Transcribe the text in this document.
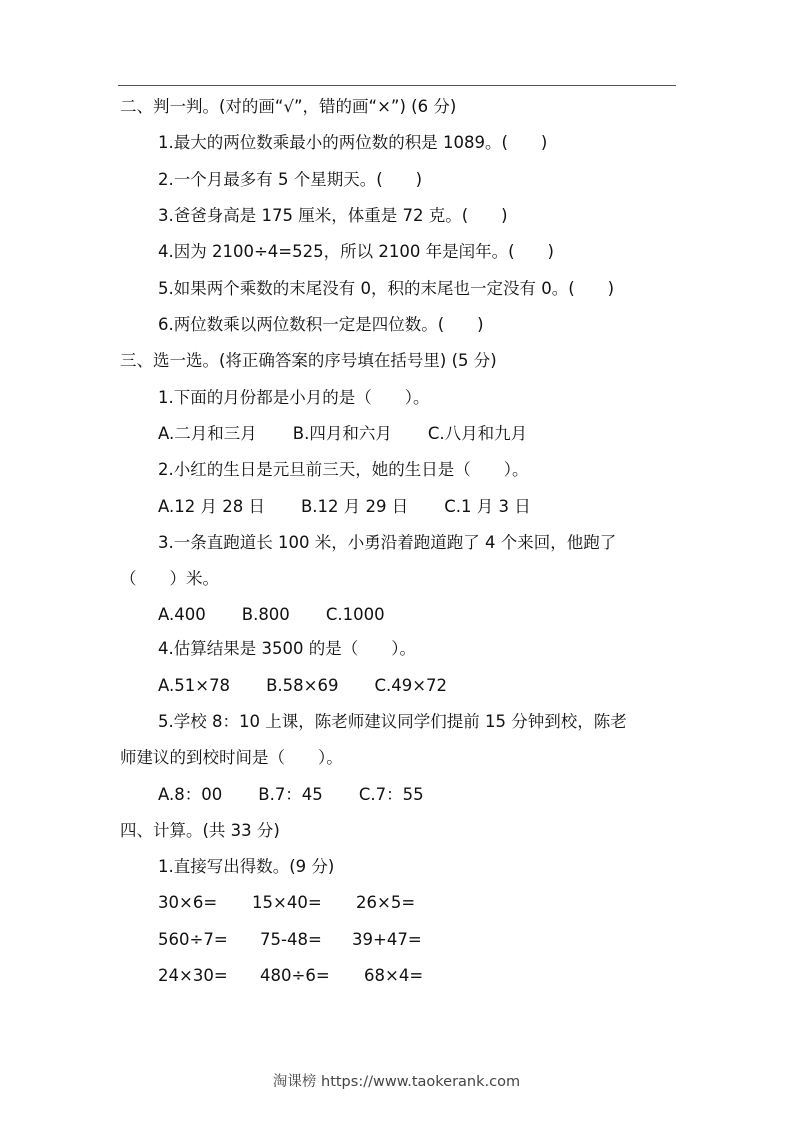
二、判一判。(对的画“√”，错的画“×”) (6 分)
1.最大的两位数乘最小的两位数的积是 1089。(　　)
2.一个月最多有 5 个星期天。(　　)
3.爸爸身高是 175 厘米，体重是 72 克。(　　)
4.因为 2100÷4=525，所以 2100 年是闰年。(　　)
5.如果两个乘数的末尾没有 0，积的末尾也一定没有 0。(　　)
6.两位数乘以两位数积一定是四位数。(　　)
三、选一选。(将正确答案的序号填在括号里) (5 分)
1.下面的月份都是小月的是（　　）。
A.二月和三月 B.四月和六月 C.八月和九月
2.小红的生日是元旦前三天，她的生日是（　　）。
A.12 月 28 日 B.12 月 29 日 C.1 月 3 日
3.一条直跑道长 100 米，小勇沿着跑道跑了 4 个来回，他跑了
（　　）米。
A.400 B.800 C.1000
4.估算结果是 3500 的是（　　）。
A.51×78 B.58×69 C.49×72
5.学校 8：10 上课，陈老师建议同学们提前 15 分钟到校，陈老
师建议的到校时间是（　　）。
A.8：00 B.7：45 C.7：55
四、计算。(共 33 分)
1.直接写出得数。(9 分)
30×6= 15×40= 26×5=
560÷7= 75-48= 39+47=
24×30= 480÷6= 68×4=
淘课榜 https://www.taokerank.com
